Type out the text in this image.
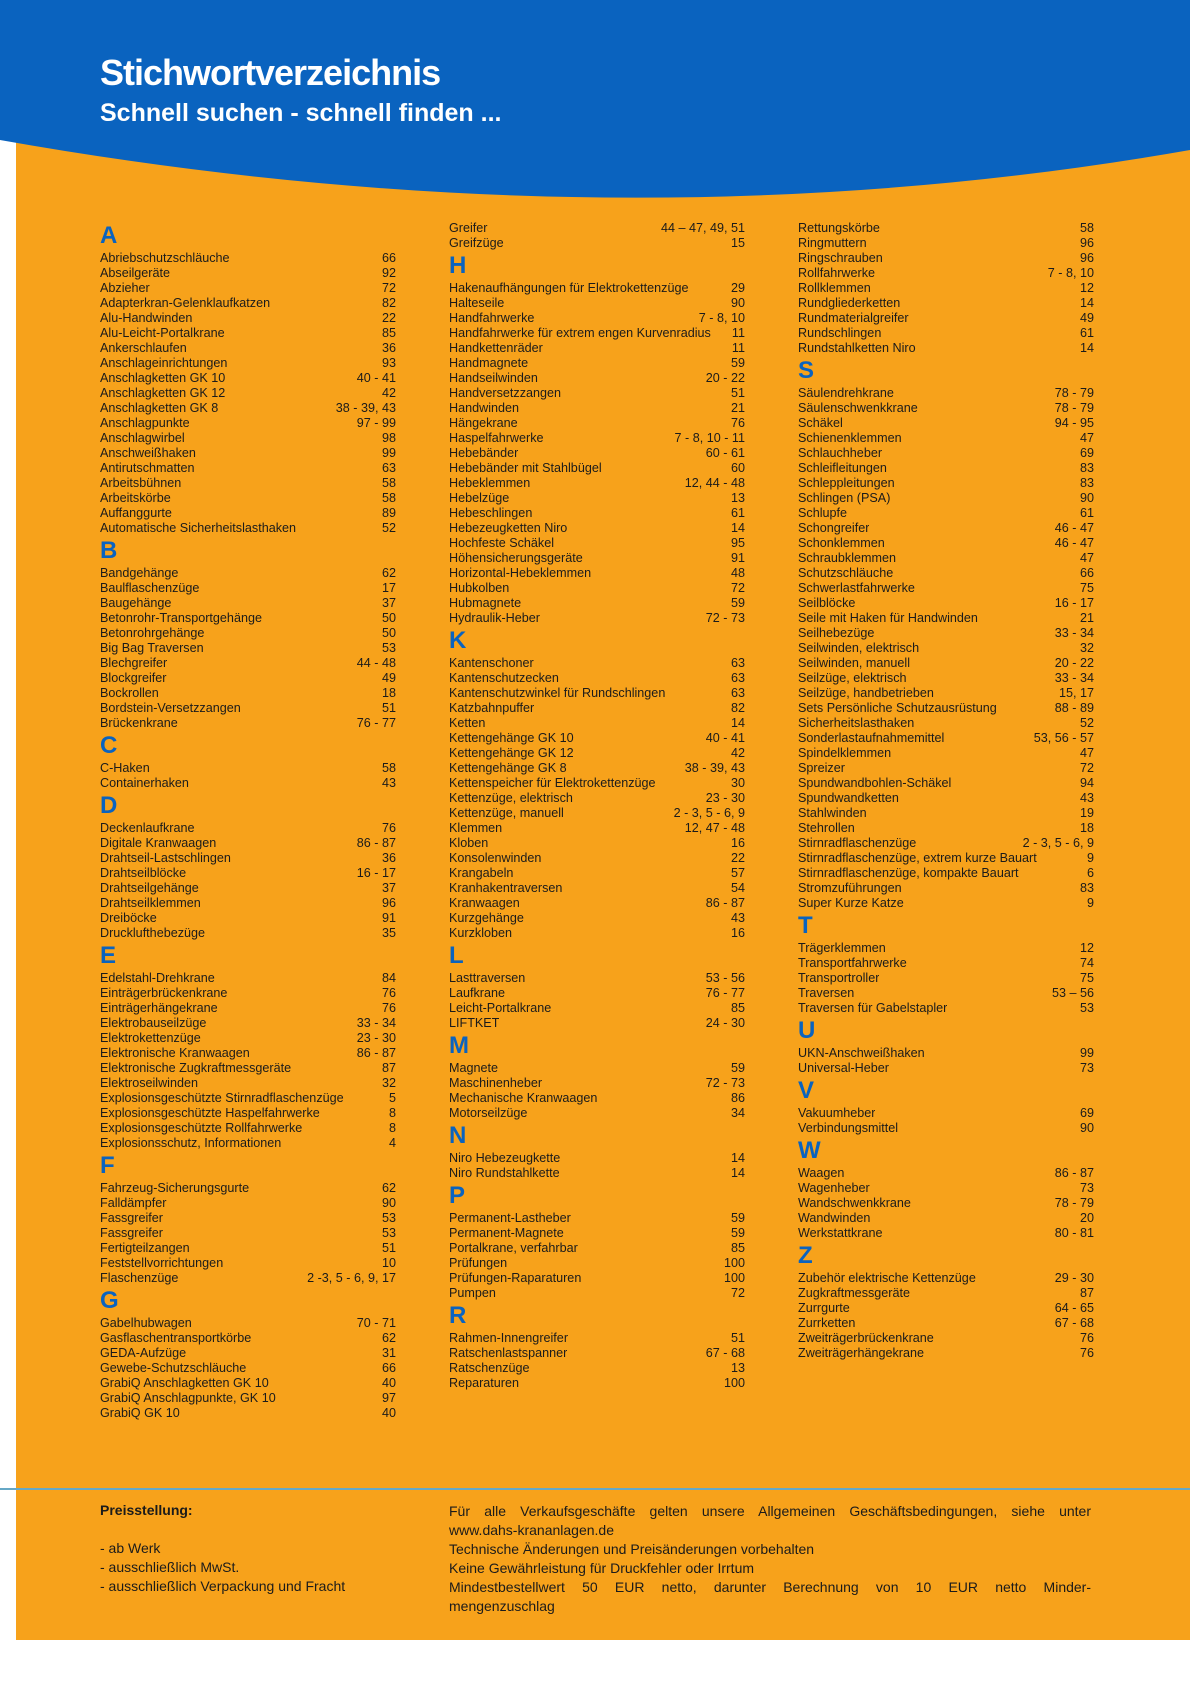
Stichwortverzeichnis
Schnell suchen - schnell finden ...
A
Abriebschutzschläuche	66
Abseilgeräte	92
Abzieher	72
Adapterkran-Gelenklaufkatzen	82
Alu-Handwinden	22
Alu-Leicht-Portalkrane	85
Ankerschlaufen	36
Anschlageinrichtungen	93
Anschlagketten GK 10	40 - 41
Anschlagketten GK 12	42
Anschlagketten GK 8	38 - 39, 43
Anschlagpunkte	97 - 99
Anschlagwirbel	98
Anschweißhaken	99
Antirutschmatten	63
Arbeitsbühnen	58
Arbeitskörbe	58
Auffanggurte	89
Automatische Sicherheitslasthaken	52
B
Bandgehänge	62
Baulflaschenzüge	17
Baugehänge	37
Betonrohr-Transportgehänge	50
Betonrohrgehänge	50
Big Bag Traversen	53
Blechgreifer	44 - 48
Blockgreifer	49
Bockrollen	18
Bordstein-Versetzzangen	51
Brückenkrane	76 - 77
C
C-Haken	58
Containerhaken	43
D
Deckenlaufkrane	76
Digitale Kranwaagen	86 - 87
Drahtseil-Lastschlingen	36
Drahtseilblöcke	16 - 17
Drahtseilgehänge	37
Drahtseilklemmen	96
Dreiböcke	91
Drucklufthebezüge	35
E
Edelstahl-Drehkrane	84
Einträgerbrückenkrane	76
Einträgerhängekrane	76
Elektrobauseilzüge	33 - 34
Elektrokettenzüge	23 - 30
Elektronische Kranwaagen	86 - 87
Elektronische Zugkraftmessgeräte	87
Elektroseilwinden	32
Explosionsgeschützte Stirnradflaschenzüge	5
Explosionsgeschützte Haspelfahrwerke	8
Explosionsgeschützte Rollfahrwerke	8
Explosionsschutz, Informationen	4
F
Fahrzeug-Sicherungsgurte	62
Falldämpfer	90
Fassgreifer	53
Fassgreifer	53
Fertigteilzangen	51
Feststellvorrichtungen	10
Flaschenzüge	2 -3, 5 - 6, 9, 17
G
Gabelhubwagen	70 - 71
Gasflaschentransportkörbe	62
GEDA-Aufzüge	31
Gewebe-Schutzschläuche	66
GrabiQ Anschlagketten GK 10	40
GrabiQ Anschlagpunkte, GK 10	97
GrabiQ GK 10	40
Greifer	44 – 47, 49, 51
Greifzüge	15
H
Hakenaufhängungen für Elektrokettenzüge	29
Halteseile	90
Handfahrwerke	7 - 8, 10
Handfahrwerke für extrem engen Kurvenradius	11
Handkettenräder	11
Handmagnete	59
Handseilwinden	20 - 22
Handversetzzangen	51
Handwinden	21
Hängekrane	76
Haspelfahrwerke	7 - 8, 10 - 11
Hebebänder	60 - 61
Hebebänder mit Stahlbügel	60
Hebeklemmen	12, 44 - 48
Hebelzüge	13
Hebeschlingen	61
Hebezeugketten Niro	14
Hochfeste Schäkel	95
Höhensicherungsgeräte	91
Horizontal-Hebeklemmen	48
Hubkolben	72
Hubmagnete	59
Hydraulik-Heber	72 - 73
K
Kantenschoner	63
Kantenschutzecken	63
Kantenschutzwinkel für Rundschlingen	63
Katzbahnpuffer	82
Ketten	14
Kettengehänge GK 10	40 - 41
Kettengehänge GK 12	42
Kettengehänge GK 8	38 - 39, 43
Kettenspeicher für Elektrokettenzüge	30
Kettenzüge, elektrisch	23 - 30
Kettenzüge, manuell	2 - 3, 5 - 6, 9
Klemmen	12, 47 - 48
Kloben	16
Konsolenwinden	22
Krangabeln	57
Kranhakentraversen	54
Kranwaagen	86 - 87
Kurzgehänge	43
Kurzkloben	16
L
Lasttraversen	53 - 56
Laufkrane	76 - 77
Leicht-Portalkrane	85
LIFTKET	24 - 30
M
Magnete	59
Maschinenheber	72 - 73
Mechanische Kranwaagen	86
Motorseilzüge	34
N
Niro Hebezeugkette	14
Niro Rundstahlkette	14
P
Permanent-Lastheber	59
Permanent-Magnete	59
Portalkrane, verfahrbar	85
Prüfungen	100
Prüfungen-Raparaturen	100
Pumpen	72
R
Rahmen-Innengreifer	51
Ratschenlastspanner	67 - 68
Ratschenzüge	13
Reparaturen	100
Rettungskörbe	58
Ringmuttern	96
Ringschrauben	96
Rollfahrwerke	7 - 8, 10
Rollklemmen	12
Rundgliederketten	14
Rundmaterialgreifer	49
Rundschlingen	61
Rundstahlketten Niro	14
S
Säulendrehkrane	78 - 79
Säulenschwenkkrane	78 - 79
Schäkel	94 - 95
Schienenklemmen	47
Schlauchheber	69
Schleifleitungen	83
Schleppleitungen	83
Schlingen (PSA)	90
Schlupfe	61
Schongreifer	46 - 47
Schonklemmen	46 - 47
Schraubklemmen	47
Schutzschläuche	66
Schwerlastfahrwerke	75
Seilblöcke	16 - 17
Seile mit Haken für Handwinden	21
Seilhebezüge	33 - 34
Seilwinden, elektrisch	32
Seilwinden, manuell	20 - 22
Seilzüge, elektrisch	33 - 34
Seilzüge, handbetrieben	15, 17
Sets Persönliche Schutzausrüstung	88 - 89
Sicherheitslasthaken	52
Sonderlastaufnahmemittel	53, 56 - 57
Spindelklemmen	47
Spreizer	72
Spundwandbohlen-Schäkel	94
Spundwandketten	43
Stahlwinden	19
Stehrollen	18
Stirnradflaschenzüge	2 - 3, 5 - 6, 9
Stirnradflaschenzüge, extrem kurze Bauart	9
Stirnradflaschenzüge, kompakte Bauart	6
Stromzuführungen	83
Super Kurze Katze	9
T
Trägerklemmen	12
Transportfahrwerke	74
Transportroller	75
Traversen	53 – 56
Traversen für Gabelstapler	53
U
UKN-Anschweißhaken	99
Universal-Heber	73
V
Vakuumheber	69
Verbindungsmittel	90
W
Waagen	86 - 87
Wagenheber	73
Wandschwenkkrane	78 - 79
Wandwinden	20
Werkstattkrane	80 - 81
Z
Zubehör elektrische Kettenzüge	29 - 30
Zugkraftmessgeräte	87
Zurrgurte	64 - 65
Zurrketten	67 - 68
Zweiträgerbrückenkrane	76
Zweiträgerhängekrane	76
Preisstellung:
- ab Werk
- ausschließlich MwSt.
- ausschließlich Verpackung und Fracht
Für alle Verkaufsgeschäfte gelten unsere Allgemeinen Geschäftsbedingungen, siehe unter
www.dahs-krananlagen.de
Technische Änderungen und Preisänderungen vorbehalten
Keine Gewährleistung für Druckfehler oder Irrtum
Mindestbestellwert 50 EUR netto, darunter Berechnung von 10 EUR netto Minder-
mengenzuschlag
